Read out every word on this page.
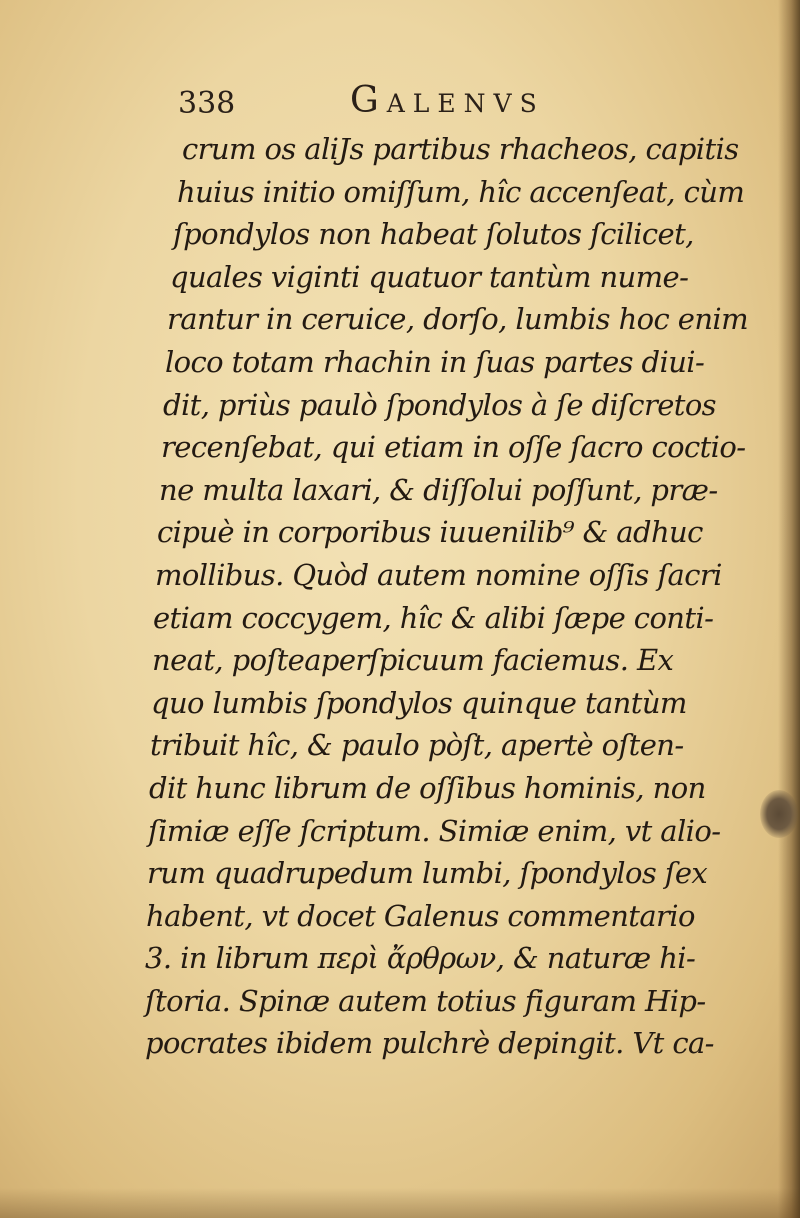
338	Galenvs
crum os aliJs partibus rhacheos, capitis
huius initio omiſſum, hîc accenſeat, cùm
ſpondylos non habeat ſolutos ſcilicet,
quales viginti quatuor tantùm nume-
rantur in ceruice, dorſo, lumbis hoc enim
loco totam rhachin in ſuas partes diui-
dit, priùs paulò ſpondylos à ſe diſcretos
recenſebat, qui etiam in oſſe ſacro coctio-
ne multa laxari, & diſſolui poſſunt, præ-
cipuè in corporibus iuuenilib⁹ & adhuc
mollibus. Quòd autem nomine oſſis ſacri
etiam coccygem, hîc & alibi ſæpe conti-
neat, poſteaperſpicuum faciemus. Ex
quo lumbis ſpondylos quinque tantùm
tribuit hîc, & paulo pòſt, apertè oſten-
dit hunc librum de oſſibus hominis, non
ſimiæ eſſe ſcriptum. Simiæ enim, vt alio-
rum quadrupedum lumbi, ſpondylos ſex
habent, vt docet Galenus commentario
3. in librum περὶ ἄρθρων, & naturæ hi-
ſtoria. Spinæ autem totius figuram Hip-
pocrates ibidem pulchrè depingit. Vt ca-
